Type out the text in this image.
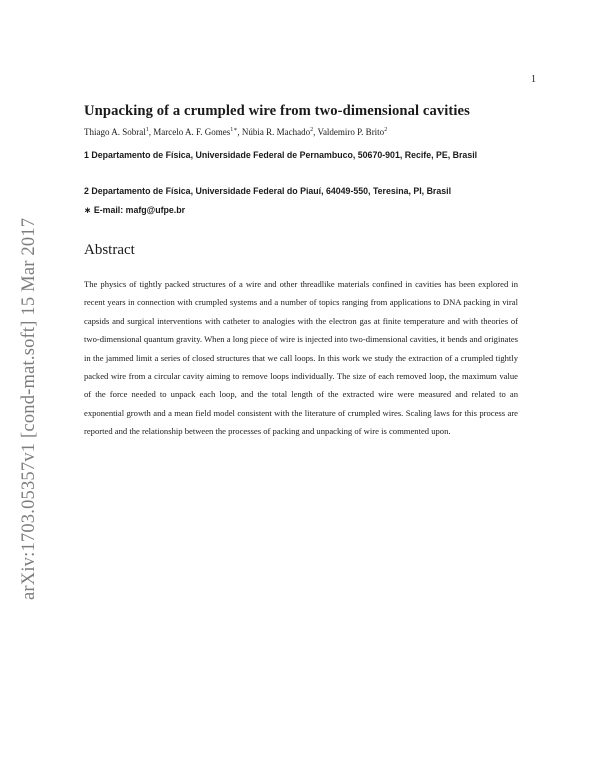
1
arXiv:1703.05357v1 [cond-mat.soft] 15 Mar 2017
Unpacking of a crumpled wire from two-dimensional cavities
Thiago A. Sobral$^1$, Marcelo A. F. Gomes$^{1∗}$, Núbia R. Machado$^2$, Valdemiro P. Brito$^2$
1 Departamento de Física, Universidade Federal de Pernambuco, 50670-901, Recife, PE, Brasil
2 Departamento de Física, Universidade Federal do Piauí, 64049-550, Teresina, PI, Brasil
∗ E-mail: mafg@ufpe.br
Abstract

The physics of tightly packed structures of a wire and other threadlike materials confined in cavities has been explored in recent years in connection with crumpled systems and a number of topics ranging from applications to DNA packing in viral capsids and surgical interventions with catheter to analogies with the electron gas at finite temperature and with theories of two-dimensional quantum gravity. When a long piece of wire is injected into two-dimensional cavities, it bends and originates in the jammed limit a series of closed structures that we call loops. In this work we study the extraction of a crumpled tightly packed wire from a circular cavity aiming to remove loops individually. The size of each removed loop, the maximum value of the force needed to unpack each loop, and the total length of the extracted wire were measured and related to an exponential growth and a mean field model consistent with the literature of crumpled wires. Scaling laws for this process are reported and the relationship between the processes of packing and unpacking of wire is commented upon.
